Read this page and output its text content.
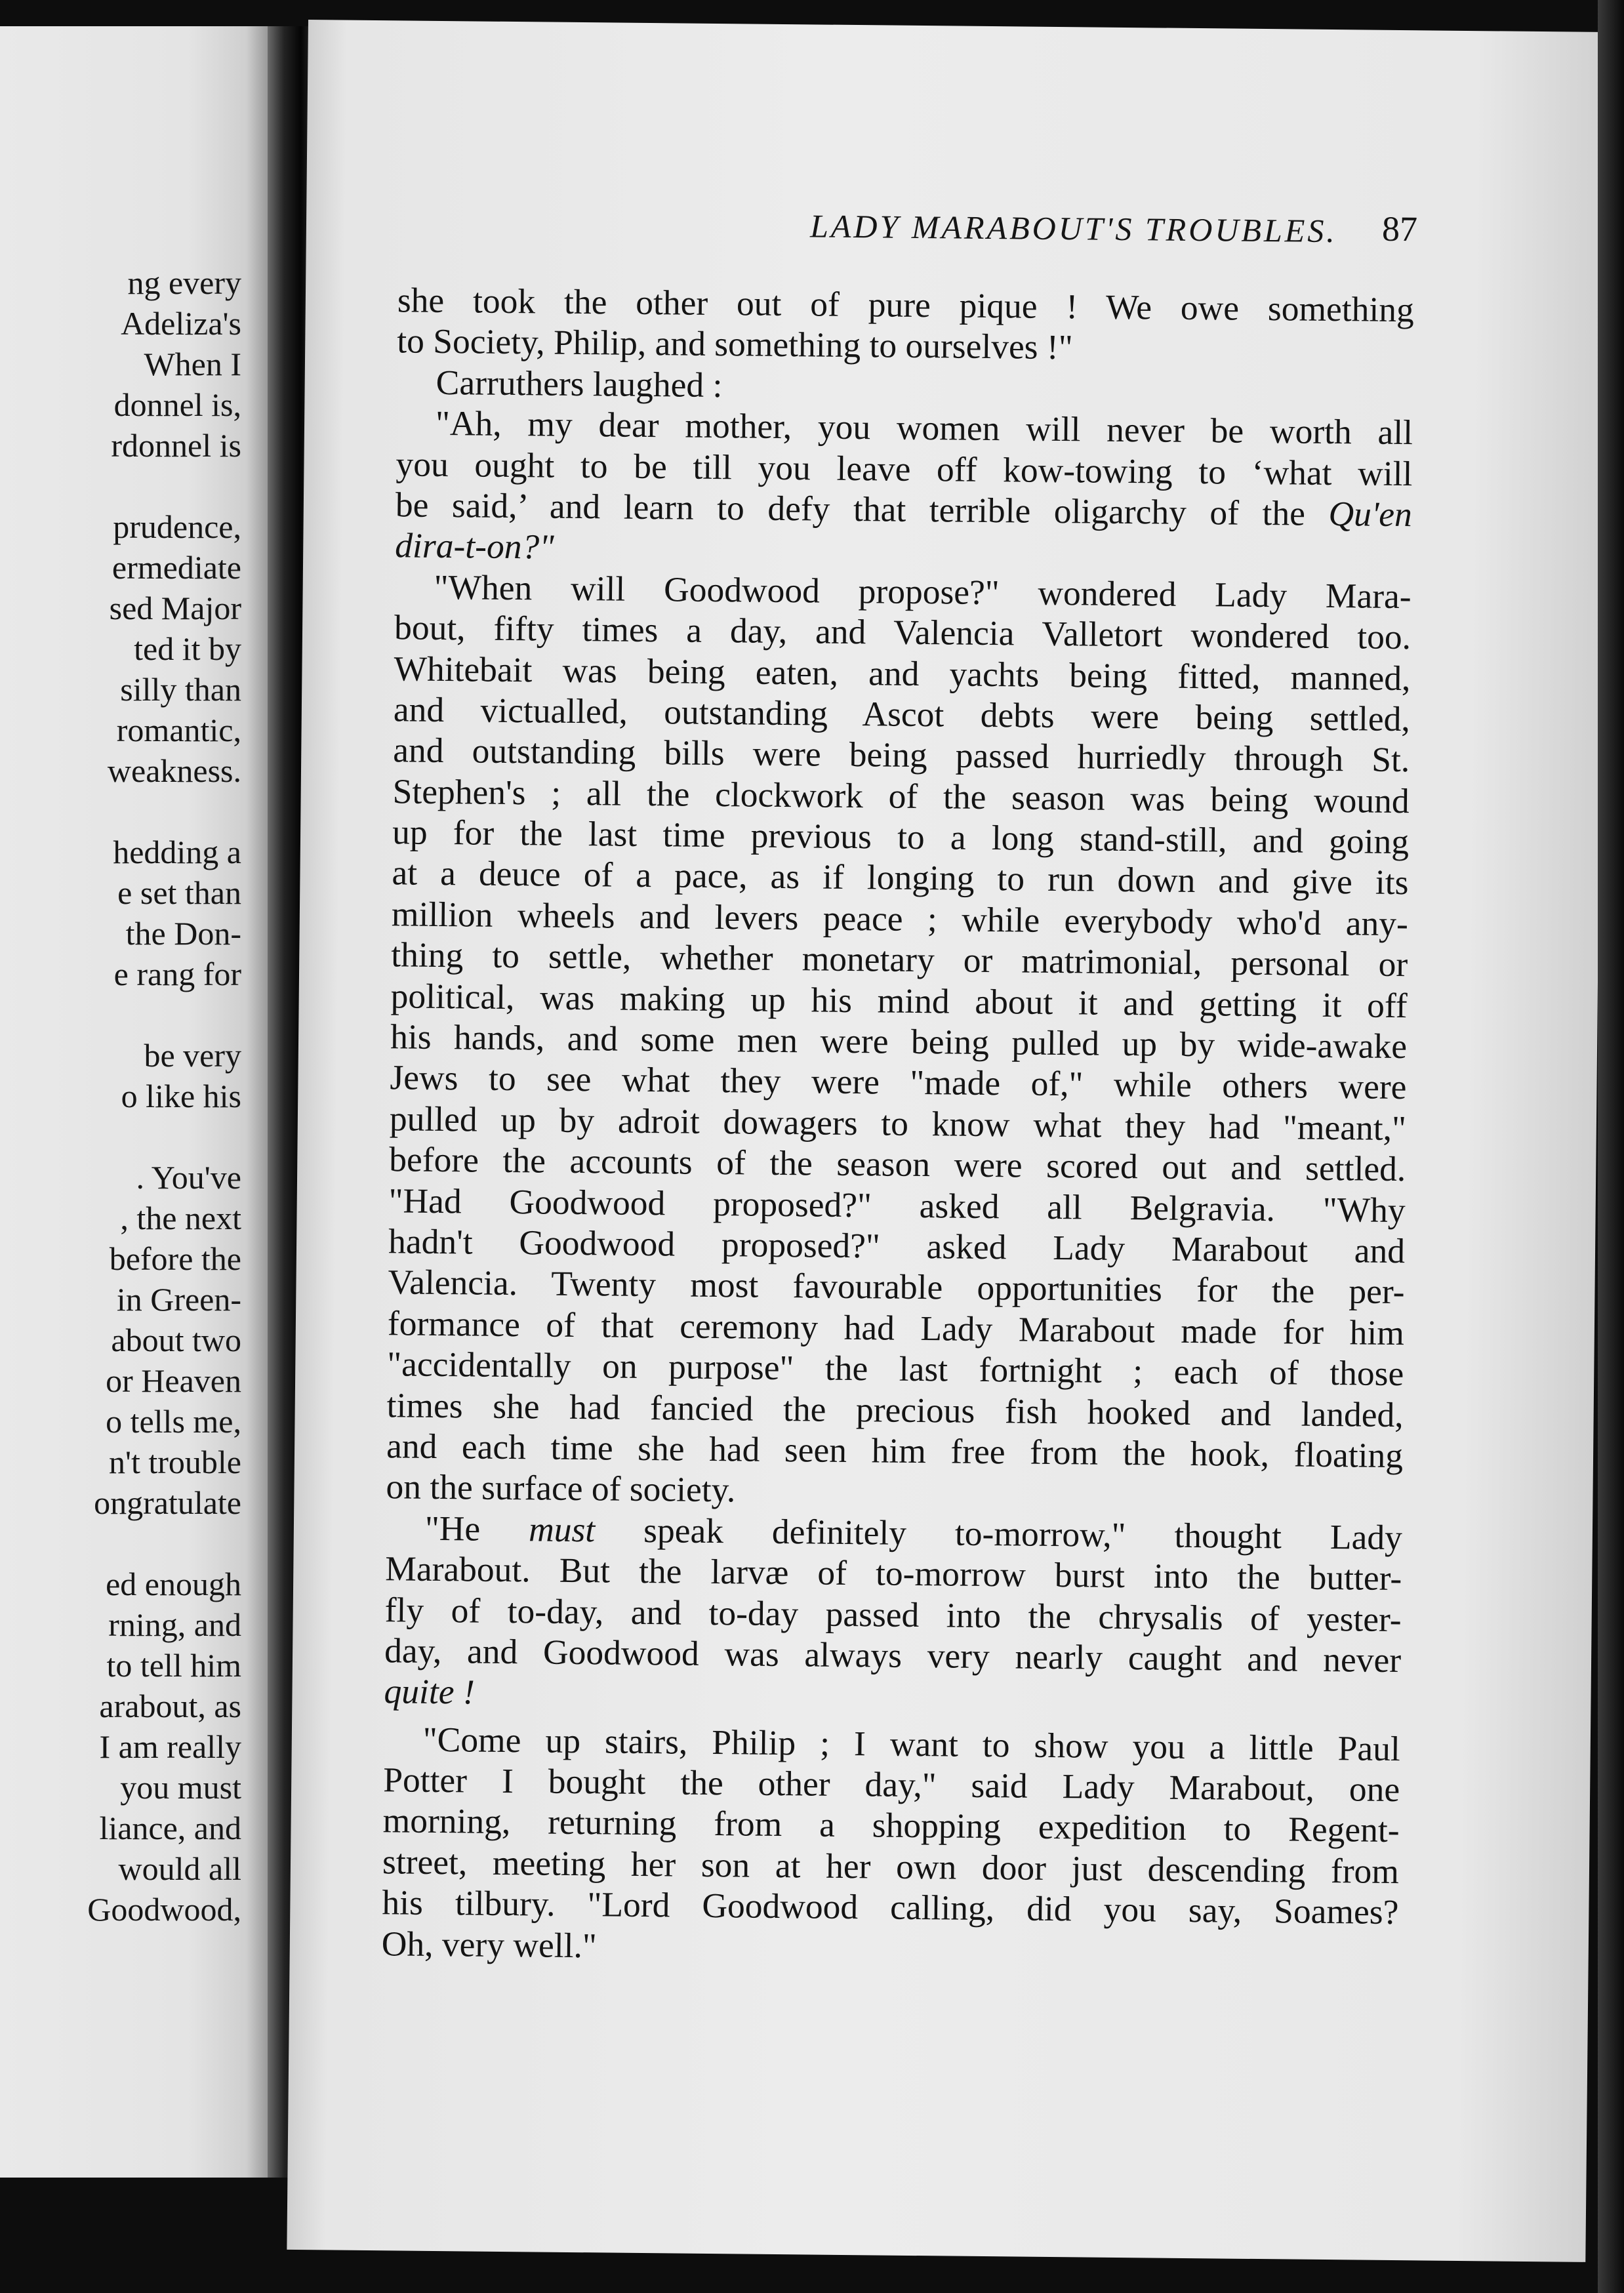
ng every
Adeliza's
When I
donnel is,
rdonnel is
prudence,
ermediate
sed Major
ted it by
silly than
romantic,
weakness.
hedding a
e set than
the Don-
e rang for
be very
o like his
. You've
, the next
before the
in Green-
about two
or Heaven
o tells me,
n't trouble
ongratulate
ed enough
rning, and
to tell him
arabout, as
I am really
you must
liance, and
would all
Goodwood,
LADY MARABOUT'S TROUBLES.	87
she took the other out of pure pique ! We owe something
to Society, Philip, and something to ourselves !"
Carruthers laughed :
"Ah, my dear mother, you women will never be worth all
you ought to be till you leave off kow-towing to ‘what will
be said,’ and learn to defy that terrible oligarchy of the Qu'en
dira-t-on?"
"When will Goodwood propose?" wondered Lady Mara-
bout, fifty times a day, and Valencia Valletort wondered too.
Whitebait was being eaten, and yachts being fitted, manned,
and victualled, outstanding Ascot debts were being settled,
and outstanding bills were being passed hurriedly through St.
Stephen's ; all the clockwork of the season was being wound
up for the last time previous to a long stand-still, and going
at a deuce of a pace, as if longing to run down and give its
million wheels and levers peace ; while everybody who'd any-
thing to settle, whether monetary or matrimonial, personal or
political, was making up his mind about it and getting it off
his hands, and some men were being pulled up by wide-awake
Jews to see what they were "made of," while others were
pulled up by adroit dowagers to know what they had "meant,"
before the accounts of the season were scored out and settled.
"Had Goodwood proposed?" asked all Belgravia. "Why
hadn't Goodwood proposed?" asked Lady Marabout and
Valencia. Twenty most favourable opportunities for the per-
formance of that ceremony had Lady Marabout made for him
"accidentally on purpose" the last fortnight ; each of those
times she had fancied the precious fish hooked and landed,
and each time she had seen him free from the hook, floating
on the surface of society.
"He must speak definitely to-morrow," thought Lady
Marabout. But the larvæ of to-morrow burst into the butter-
fly of to-day, and to-day passed into the chrysalis of yester-
day, and Goodwood was always very nearly caught and never
quite !
"Come up stairs, Philip ; I want to show you a little Paul
Potter I bought the other day," said Lady Marabout, one
morning, returning from a shopping expedition to Regent-
street, meeting her son at her own door just descending from
his tilbury. "Lord Goodwood calling, did you say, Soames?
Oh, very well."
